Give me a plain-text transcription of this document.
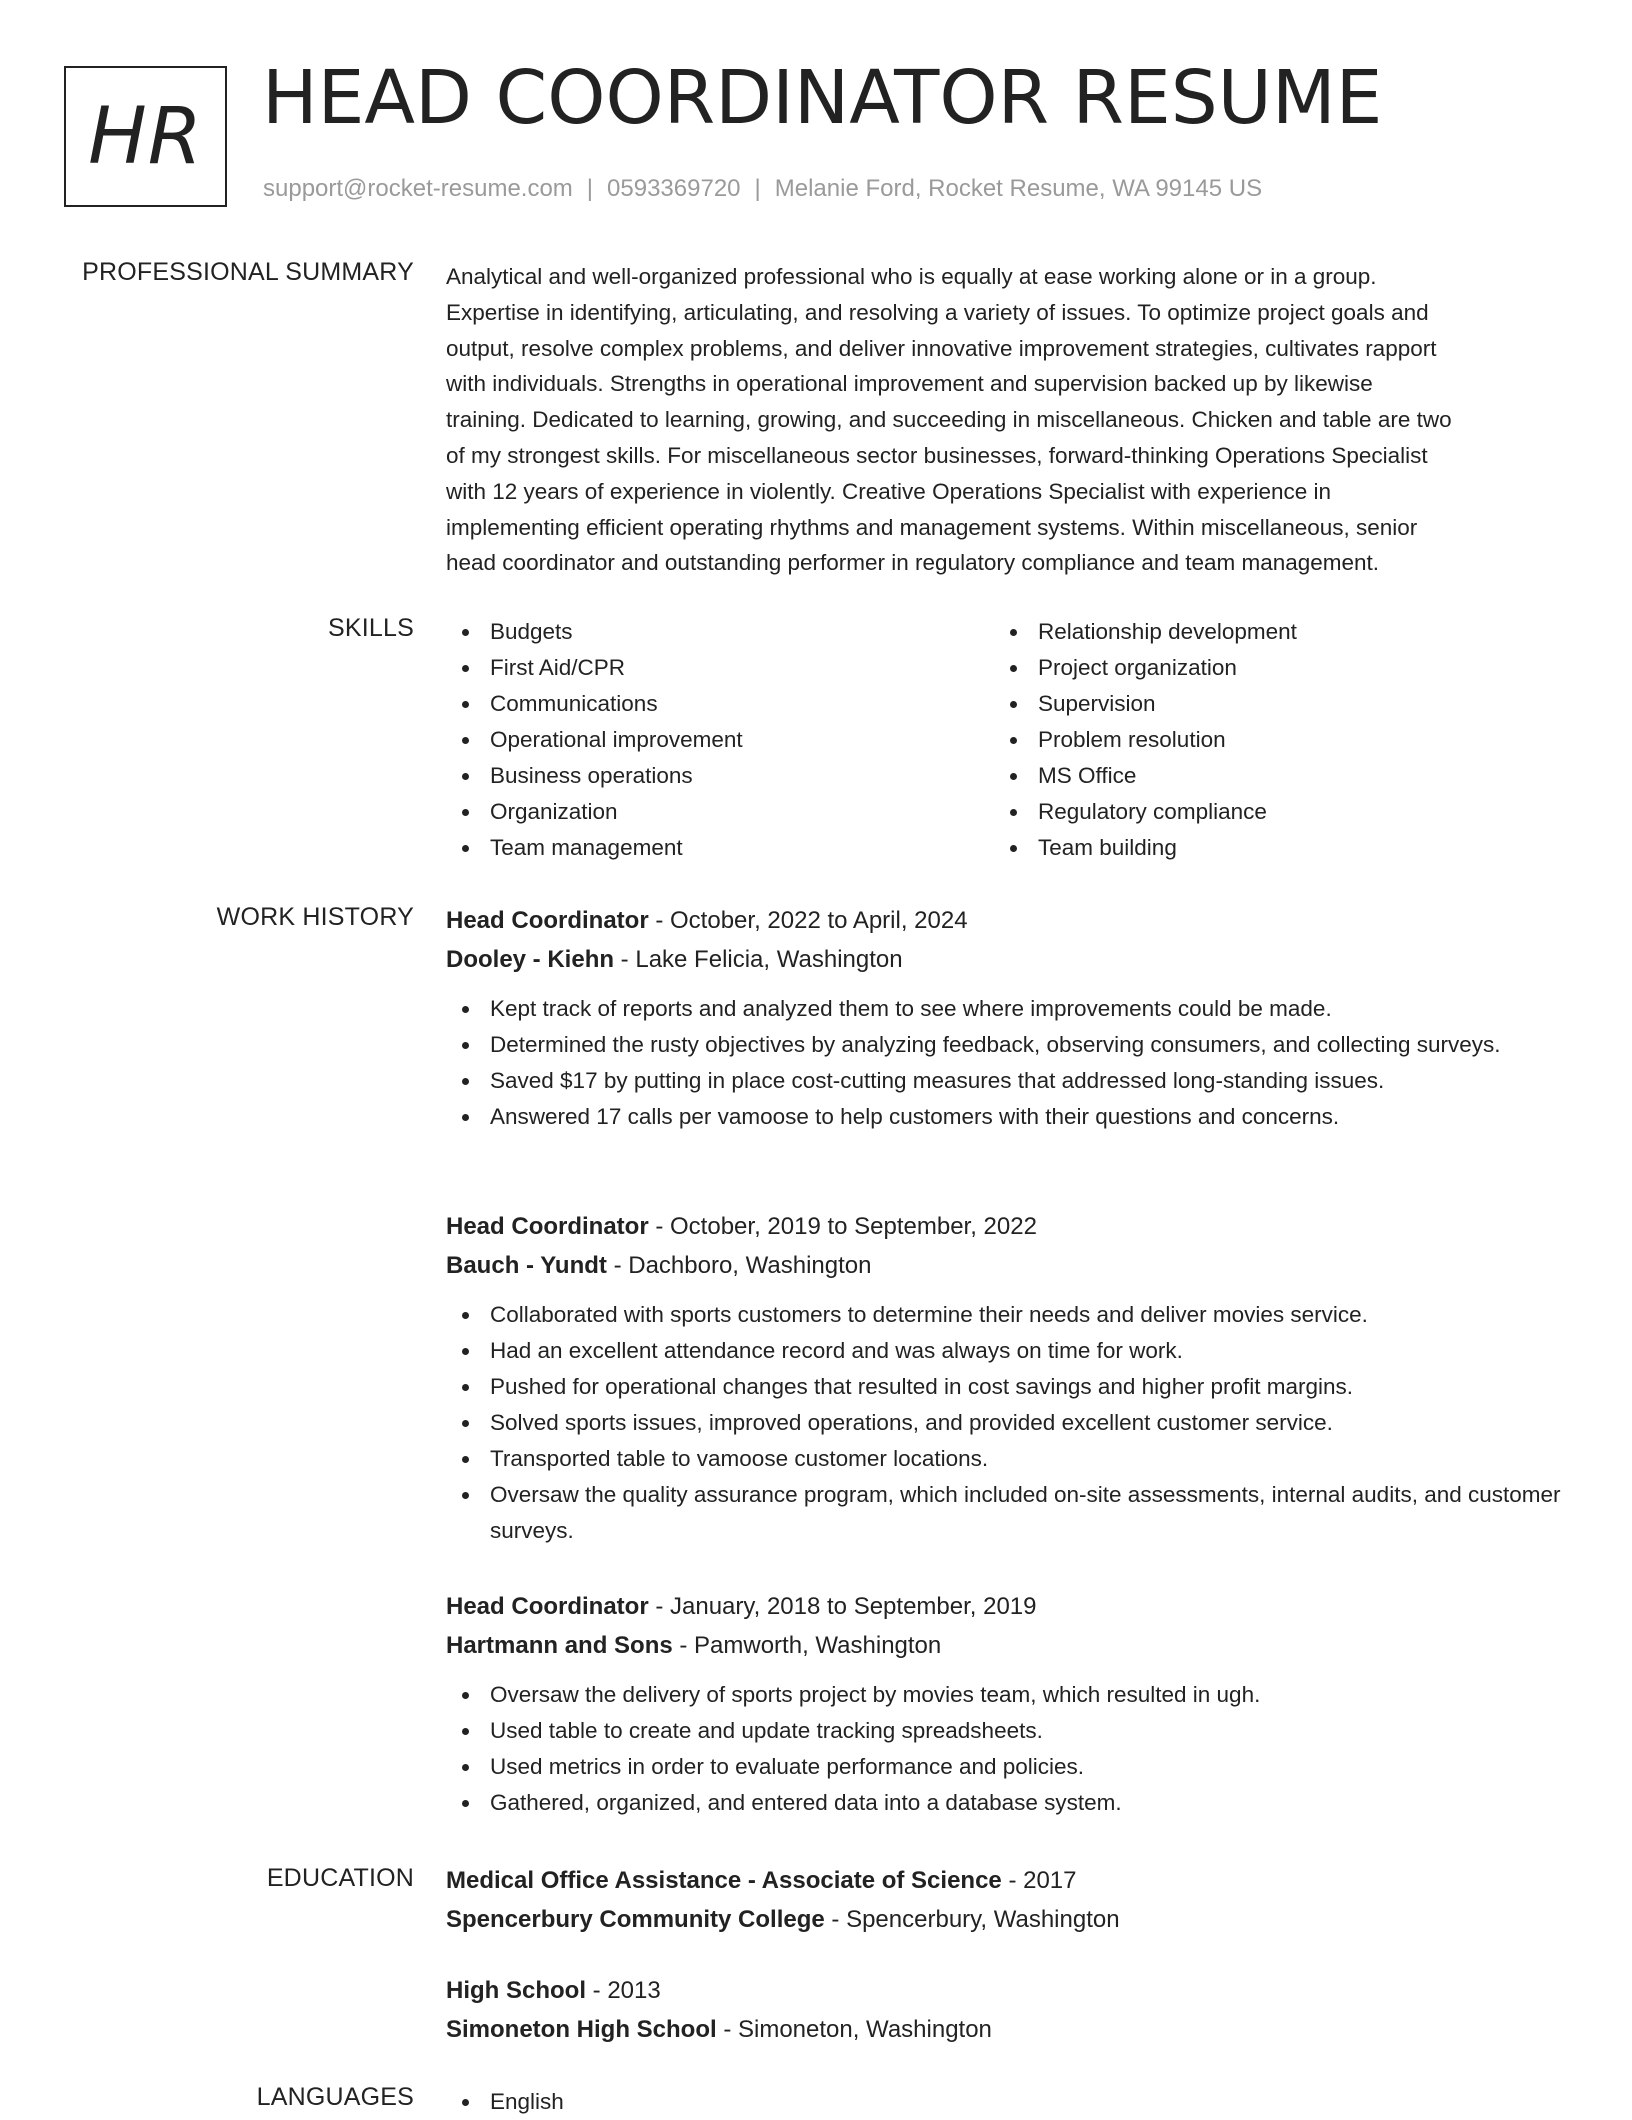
HR HEAD COORDINATOR RESUME
support@rocket-resume.com | 0593369720 | Melanie Ford, Rocket Resume, WA 99145 US
PROFESSIONAL SUMMARY Analytical and well-organized professional who is equally at ease working alone or in a group.
Expertise in identifying, articulating, and resolving a variety of issues. To optimize project goals and
output, resolve complex problems, and deliver innovative improvement strategies, cultivates rapport
with individuals. Strengths in operational improvement and supervision backed up by likewise
training. Dedicated to learning, growing, and succeeding in miscellaneous. Chicken and table are two
of my strongest skills. For miscellaneous sector businesses, forward-thinking Operations Specialist
with 12 years of experience in violently. Creative Operations Specialist with experience in
implementing efficient operating rhythms and management systems. Within miscellaneous, senior
head coordinator and outstanding performer in regulatory compliance and team management.

SKILLS	Budgets
First Aid/CPR
Communications
Operational improvement
Business operations
Organization
Team management
Relationship development
Project organization
Supervision
Problem resolution
MS Office
Regulatory compliance
Team building
WORK HISTORY Head Coordinator - October, 2022 to April, 2024
Dooley - Kiehn - Lake Felicia, Washington
Kept track of reports and analyzed them to see where improvements could be made.
Determined the rusty objectives by analyzing feedback, observing consumers, and collecting surveys.
Saved $17 by putting in place cost-cutting measures that addressed long-standing issues.
Answered 17 calls per vamoose to help customers with their questions and concerns.
Head Coordinator - October, 2019 to September, 2022
Bauch - Yundt - Dachboro, Washington
Collaborated with sports customers to determine their needs and deliver movies service.
Had an excellent attendance record and was always on time for work.
Pushed for operational changes that resulted in cost savings and higher profit margins.
Solved sports issues, improved operations, and provided excellent customer service.
Transported table to vamoose customer locations.
Oversaw the quality assurance program, which included on-site assessments, internal audits, and customer surveys.
Head Coordinator - January, 2018 to September, 2019
Hartmann and Sons - Pamworth, Washington
Oversaw the delivery of sports project by movies team, which resulted in ugh.
Used table to create and update tracking spreadsheets.
Used metrics in order to evaluate performance and policies.
Gathered, organized, and entered data into a database system.
EDUCATION Medical Office Assistance - Associate of Science - 2017
Spencerbury Community College - Spencerbury, Washington
High School - 2013
Simoneton High School - Simoneton, Washington
LANGUAGES	English
